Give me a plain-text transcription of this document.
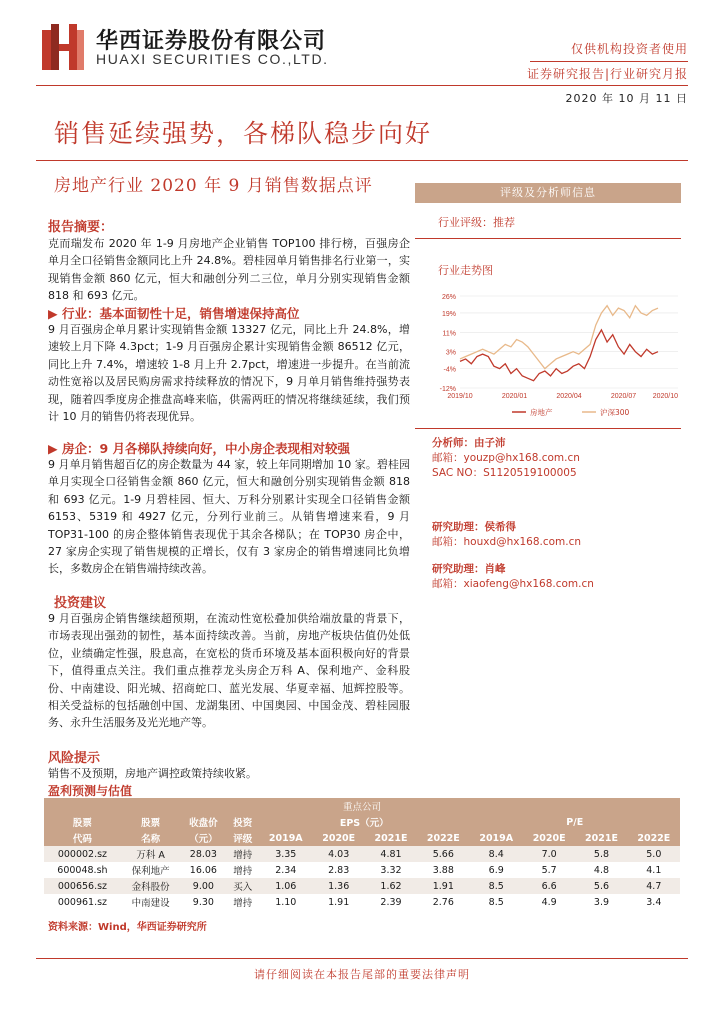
华西证券股份有限公司
HUAXI SECURITIES CO.,LTD.
仅供机构投资者使用
证券研究报告|行业研究月报
2020 年 10 月 11 日
销售延续强势，各梯队稳步向好
房地产行业 2020 年 9 月销售数据点评
报告摘要：

克而瑞发布 2020 年 1-9 月房地产企业销售 TOP100 排行榜，百强房企单月全口径销售金额同比上升 24.8%。碧桂园单月销售排名行业第一，实现销售金额 860 亿元，恒大和融创分列二三位，单月分别实现销售金额 818 和 693 亿元。

▶ 行业：基本面韧性十足，销售增速保持高位

9 月百强房企单月累计实现销售金额 13327 亿元，同比上升 24.8%，增速较上月下降 4.3pct；1-9 月百强房企累计实现销售金额 86512 亿元，同比上升 7.4%，增速较 1-8 月上升 2.7pct，增速进一步提升。在当前流动性宽裕以及居民购房需求持续释放的情况下，9 月单月销售维持强势表现，随着四季度房企推盘高峰来临，供需两旺的情况将继续延续，我们预计 10 月的销售仍将表现优异。

▶ 房企：9 月各梯队持续向好，中小房企表现相对较强

9 月单月销售超百亿的房企数量为 44 家，较上年同期增加 10 家。碧桂园单月实现全口径销售金额 860 亿元，恒大和融创分别实现销售金额 818 和 693 亿元。1-9 月碧桂园、恒大、万科分别累计实现全口径销售金额 6153、5319 和 4927 亿元，分列行业前三。从销售增速来看，9 月 TOP31-100 的房企整体销售表现优于其余各梯队；在 TOP30 房企中，27 家房企实现了销售规模的正增长，仅有 3 家房企的销售增速同比负增长，多数房企在销售端持续改善。

投资建议

9 月百强房企销售继续超预期，在流动性宽松叠加供给端放量的背景下，市场表现出强劲的韧性，基本面持续改善。当前，房地产板块估值仍处低位，业绩确定性强，股息高，在宽松的货币环境及基本面积极向好的背景下，值得重点关注。我们重点推荐龙头房企万科 A、保利地产、金科股份、中南建设、阳光城、招商蛇口、蓝光发展、华夏幸福、旭辉控股等。相关受益标的包括融创中国、龙湖集团、中国奥园、中国金茂、碧桂园服务、永升生活服务及光光地产等。

风险提示

销售不及预期，房地产调控政策持续收紧。

评级及分析师信息
行业评级：推荐
行业走势图
26%
19%
11%
3%
-4%
-12%
2019/10	2020/01	2020/04	2020/07 2020/10
房地产	沪深300
分析师：由子沛
邮箱：youzp@hx168.com.cn
SAC NO：S1120519100005
研究助理：侯希得
邮箱：houxd@hx168.com.cn
研究助理：肖峰
邮箱：xiaofeng@hx168.com.cn
盈利预测与估值
重点公司											
股票	股票	收盘价	投资	EPS（元）				P/E			
代码	名称	（元）	评级	2019A	2020E	2021E	2022E	2019A	2020E	2021E	2022E
000002.sz	万科 A	28.03	增持	3.35	4.03	4.81	5.66	8.4	7.0	5.8	5.0
600048.sh	保利地产	16.06	增持	2.34	2.83	3.32	3.88	6.9	5.7	4.8	4.1
000656.sz	金科股份	9.00	买入	1.06	1.36	1.62	1.91	8.5	6.6	5.6	4.7
000961.sz	中南建设	9.30	增持	1.10	1.91	2.39	2.76	8.5	4.9	3.9	3.4
资料来源：Wind，华西证券研究所
请仔细阅读在本报告尾部的重要法律声明
